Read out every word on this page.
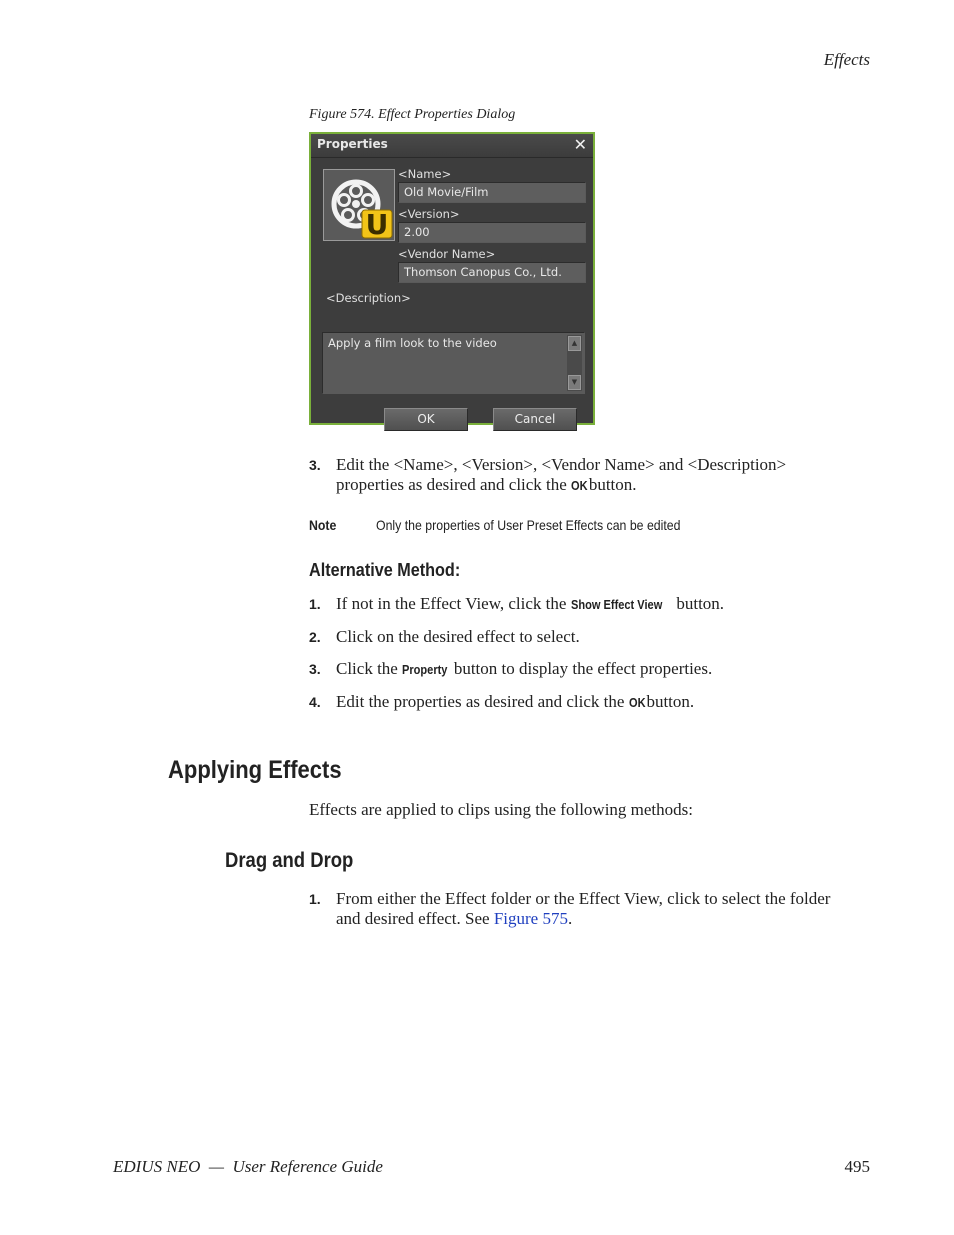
Effects
Figure 574. Effect Properties Dialog
Properties	✕
U
<Name>
Old Movie/Film
<Version>
2.00
<Vendor Name>
Thomson Canopus Co., Ltd.
<Description>
Apply a film look to the video	▲
▼
OK	Cancel
3. Edit the <Name>, <Version>, <Vendor Name> and <Description>
properties as desired and click the OK button.
Note	Only the properties of User Preset Effects can be edited
Alternative Method:
1. If not in the Effect View, click the Show Effect View button.
2. Click on the desired effect to select.
3. Click the Property button to display the effect properties.
4. Edit the properties as desired and click the OK button.
Applying Effects
Effects are applied to clips using the following methods:
Drag and Drop
1. From either the Effect folder or the Effect View, click to select the folder
and desired effect. See Figure 575.
EDIUS NEO  —  User Reference Guide	495
